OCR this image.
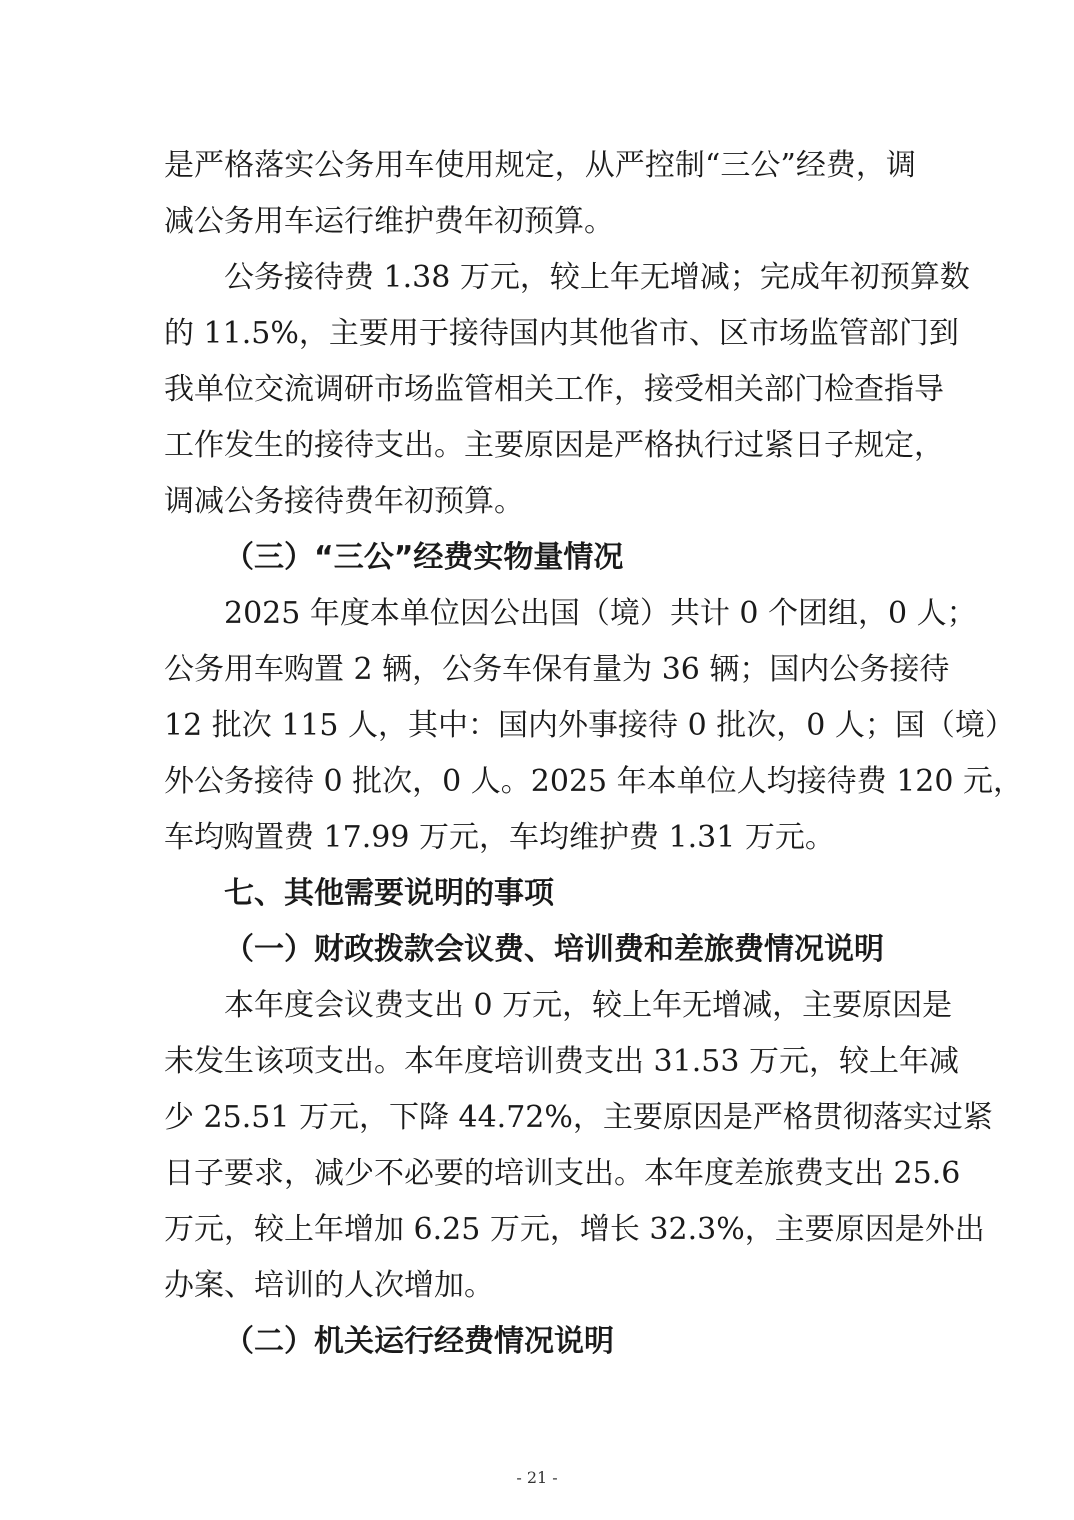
是严格落实公务用车使用规定，从严控制“三公”经费，调
减公务用车运行维护费年初预算。
公务接待费 1.38 万元，较上年无增减；完成年初预算数
的 11.5%，主要用于接待国内其他省市、区市场监管部门到
我单位交流调研市场监管相关工作，接受相关部门检查指导
工作发生的接待支出。主要原因是严格执行过紧日子规定，
调减公务接待费年初预算。
（三）“三公”经费实物量情况
2025 年度本单位因公出国（境）共计 0 个团组，0 人；
公务用车购置 2 辆，公务车保有量为 36 辆；国内公务接待
12 批次 115 人，其中：国内外事接待 0 批次，0 人；国（境）
外公务接待 0 批次，0 人。2025 年本单位人均接待费 120 元，
车均购置费 17.99 万元，车均维护费 1.31 万元。
七、其他需要说明的事项
（一）财政拨款会议费、培训费和差旅费情况说明
本年度会议费支出 0 万元，较上年无增减，主要原因是
未发生该项支出。本年度培训费支出 31.53 万元，较上年减
少 25.51 万元，下降 44.72%，主要原因是严格贯彻落实过紧
日子要求，减少不必要的培训支出。本年度差旅费支出 25.6
万元，较上年增加 6.25 万元，增长 32.3%，主要原因是外出
办案、培训的人次增加。
（二）机关运行经费情况说明
- 21 -
